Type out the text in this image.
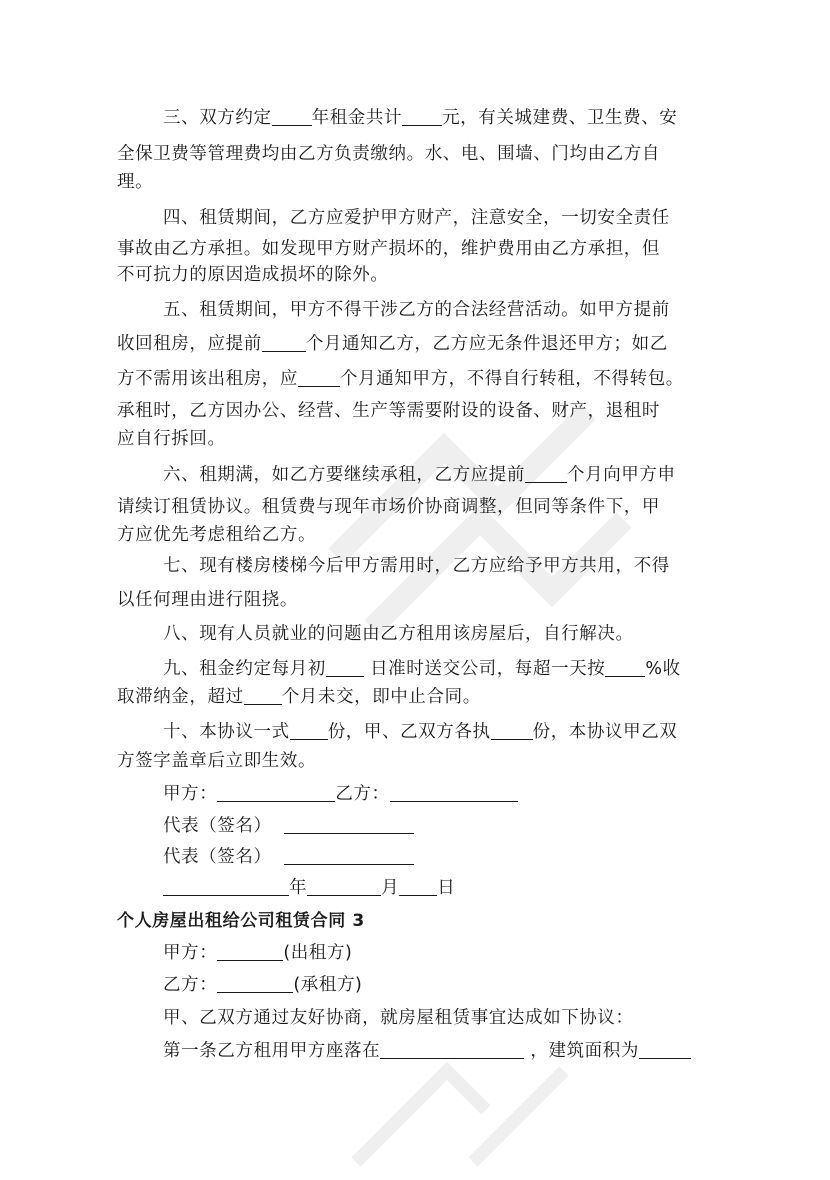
三、双方约定 年租金共计 元，有关城建费、卫生费、安
全保卫费等管理费均由乙方负责缴纳。水、电、围墙、门均由乙方自
理。
四、租赁期间，乙方应爱护甲方财产，注意安全，一切安全责任
事故由乙方承担。如发现甲方财产损坏的，维护费用由乙方承担，但
不可抗力的原因造成损坏的除外。
五、租赁期间，甲方不得干涉乙方的合法经营活动。如甲方提前
收回租房，应提前	个月通知乙方，乙方应无条件退还甲方；如乙
方不需用该出租房，应 个月通知甲方，不得自行转租，不得转包。
承租时，乙方因办公、经营、生产等需要附设的设备、财产，退租时
应自行拆回。
六、租期满，如乙方要继续承租，乙方应提前 个月向甲方申
请续订租赁协议。租赁费与现年市场价协商调整，但同等条件下，甲
方应优先考虑租给乙方。
七、现有楼房楼梯今后甲方需用时，乙方应给予甲方共用，不得
以任何理由进行阻挠。
八、现有人员就业的问题由乙方租用该房屋后，自行解决。
九、租金约定每月初 日准时送交公司，每超一天按 %收
取滞纳金，超过 个月未交，即中止合同。
十、本协议一式 份，甲、乙双方各执 份，本协议甲乙双
方签字盖章后立即生效。
甲方：	乙方：
代表（签名）
代表（签名）
年	月 日
个人房屋出租给公司租赁合同 3
甲方：	(出租方)
乙方：	(承租方)
甲、乙双方通过友好协商，就房屋租赁事宜达成如下协议：
第一条乙方租用甲方座落在	，建筑面积为
